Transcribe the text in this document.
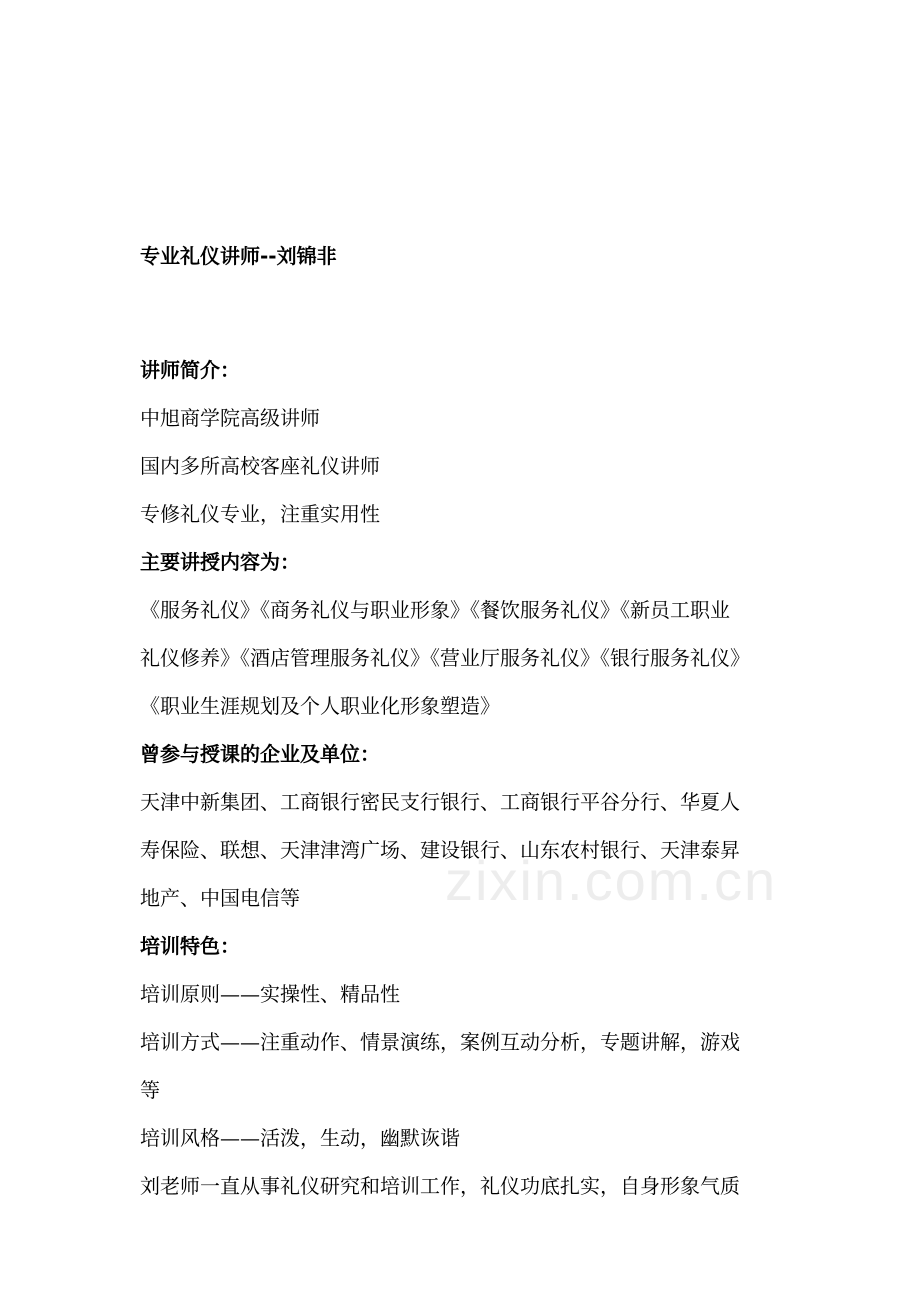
zixin.com.cn
专业礼仪讲师--刘锦非
讲师简介：
中旭商学院高级讲师
国内多所高校客座礼仪讲师
专修礼仪专业，注重实用性
主要讲授内容为：
《服务礼仪》《商务礼仪与职业形象》《餐饮服务礼仪》《新员工职业
礼仪修养》《酒店管理服务礼仪》《营业厅服务礼仪》《银行服务礼仪》
《职业生涯规划及个人职业化形象塑造》
曾参与授课的企业及单位：
天津中新集团、工商银行密民支行银行、工商银行平谷分行、华夏人
寿保险、联想、天津津湾广场、建设银行、山东农村银行、天津泰昇
地产、中国电信等
培训特色：
培训原则——实操性、精品性
培训方式——注重动作、情景演练，案例互动分析，专题讲解，游戏
等
培训风格——活泼，生动，幽默诙谐
刘老师一直从事礼仪研究和培训工作，礼仪功底扎实，自身形象气质
